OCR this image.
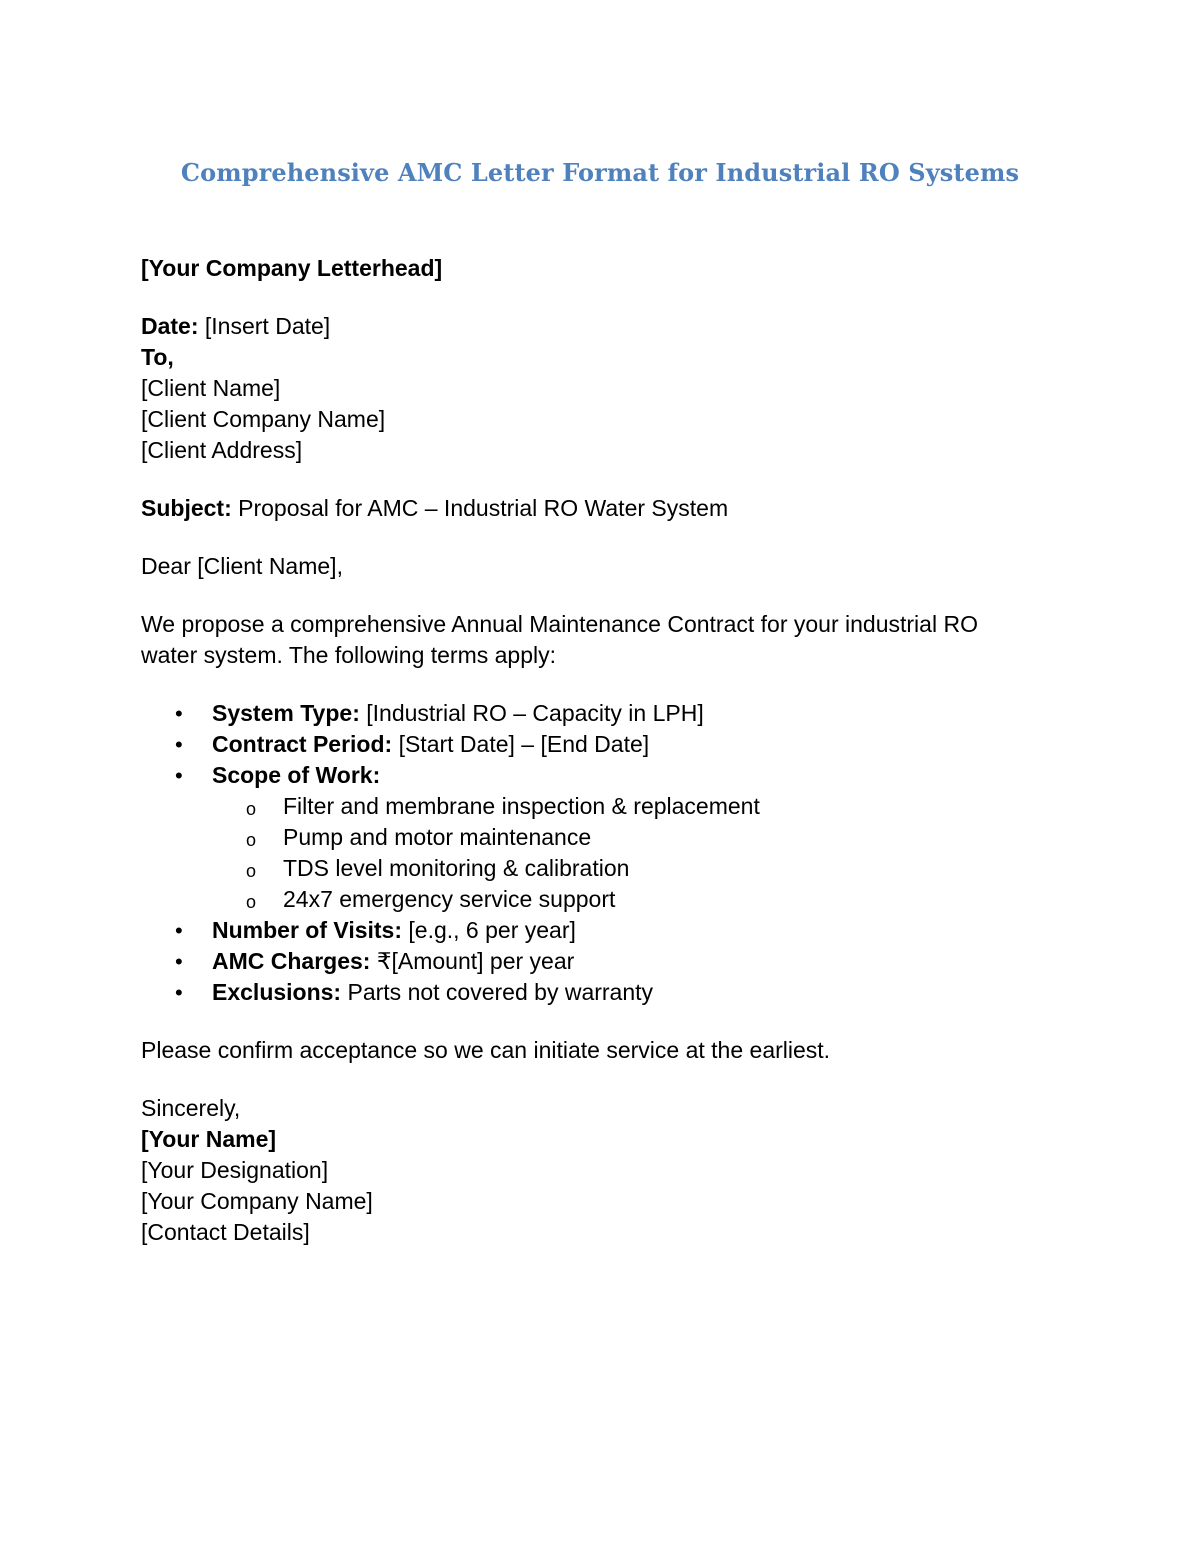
Comprehensive AMC Letter Format for Industrial RO Systems
[Your Company Letterhead]
Date: [Insert Date]
To,
[Client Name]
[Client Company Name]
[Client Address]
Subject: Proposal for AMC – Industrial RO Water System
Dear [Client Name],
We propose a comprehensive Annual Maintenance Contract for your industrial RO water system. The following terms apply:
• System Type: [Industrial RO – Capacity in LPH]
• Contract Period: [Start Date] – [End Date]
• Scope of Work:
o Filter and membrane inspection & replacement
o Pump and motor maintenance
o TDS level monitoring & calibration
o 24x7 emergency service support
• Number of Visits: [e.g., 6 per year]
• AMC Charges: ₹[Amount] per year
• Exclusions: Parts not covered by warranty
Please confirm acceptance so we can initiate service at the earliest.
Sincerely,
[Your Name]
[Your Designation]
[Your Company Name]
[Contact Details]
